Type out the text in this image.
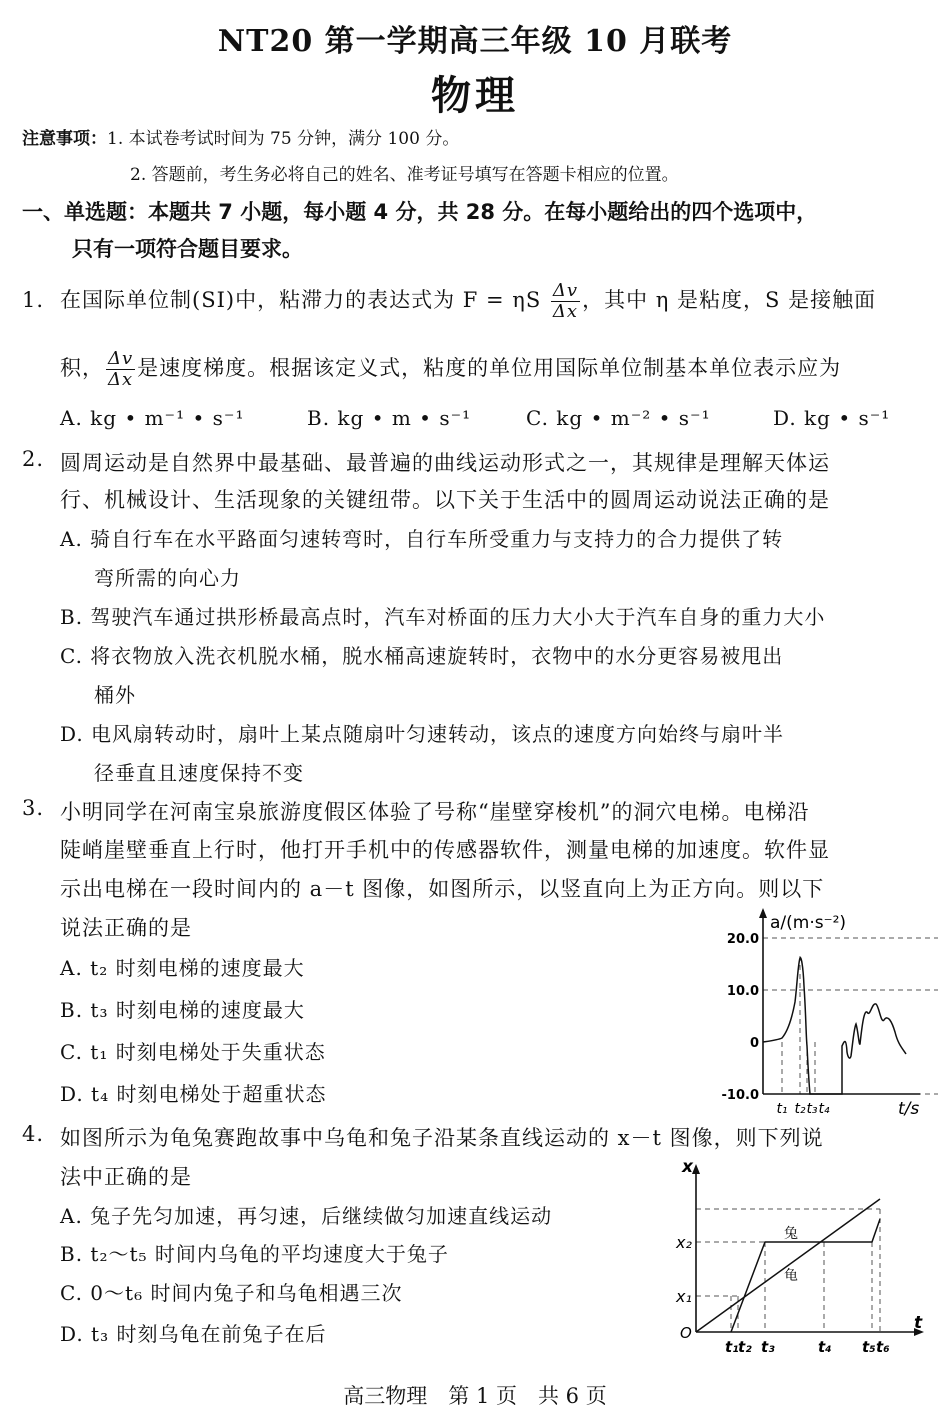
NT20 第一学期高三年级 10 月联考
物理
注意事项：1. 本试卷考试时间为 75 分钟，满分 100 分。
2. 答题前，考生务必将自己的姓名、准考证号填写在答题卡相应的位置。
一、单选题：本题共 7 小题，每小题 4 分，共 28 分。在每小题给出的四个选项中，
只有一项符合题目要求。
1. 在国际单位制(SI)中，粘滞力的表达式为 F = ηS $\frac{\Delta v}{\Delta x}$ ，其中 η 是粘度，S 是接触面
积， $\frac{\Delta v}{\Delta x}$ 是速度梯度。根据该定义式，粘度的单位用国际单位制基本单位表示应为
A. kg • m⁻¹ • s⁻¹	B. kg • m • s⁻¹	C. kg • m⁻² • s⁻¹	D. kg • s⁻¹
2. 圆周运动是自然界中最基础、最普遍的曲线运动形式之一，其规律是理解天体运
行、机械设计、生活现象的关键纽带。以下关于生活中的圆周运动说法正确的是
A. 骑自行车在水平路面匀速转弯时，自行车所受重力与支持力的合力提供了转
弯所需的向心力
B. 驾驶汽车通过拱形桥最高点时，汽车对桥面的压力大小大于汽车自身的重力大小
C. 将衣物放入洗衣机脱水桶，脱水桶高速旋转时，衣物中的水分更容易被甩出
桶外
D. 电风扇转动时，扇叶上某点随扇叶匀速转动，该点的速度方向始终与扇叶半
径垂直且速度保持不变
3. 小明同学在河南宝泉旅游度假区体验了号称“崖壁穿梭机”的洞穴电梯。电梯沿
陡峭崖壁垂直上行时，他打开手机中的传感器软件，测量电梯的加速度。软件显
示出电梯在一段时间内的 a－t 图像，如图所示，以竖直向上为正方向。则以下
说法正确的是
A. t₂ 时刻电梯的速度最大
B. t₃ 时刻电梯的速度最大
C. t₁ 时刻电梯处于失重状态
D. t₄ 时刻电梯处于超重状态
20.0
10.0
0
-10.0
a/(m·s⁻²)
t/s
t₁ t₂ t₃ t₄
4. 如图所示为龟兔赛跑故事中乌龟和兔子沿某条直线运动的 x－t 图像，则下列说
法中正确的是
A. 兔子先匀加速，再匀速，后继续做匀加速直线运动
B. t₂～t₅ 时间内乌龟的平均速度大于兔子
C. 0～t₆ 时间内兔子和乌龟相遇三次
D. t₃ 时刻乌龟在前兔子在后
x
t
O
x₁
x₂	兔
龟
t₁ t₂ t₃	t₄ t₅ t₆
高三物理　第 1 页　共 6 页
